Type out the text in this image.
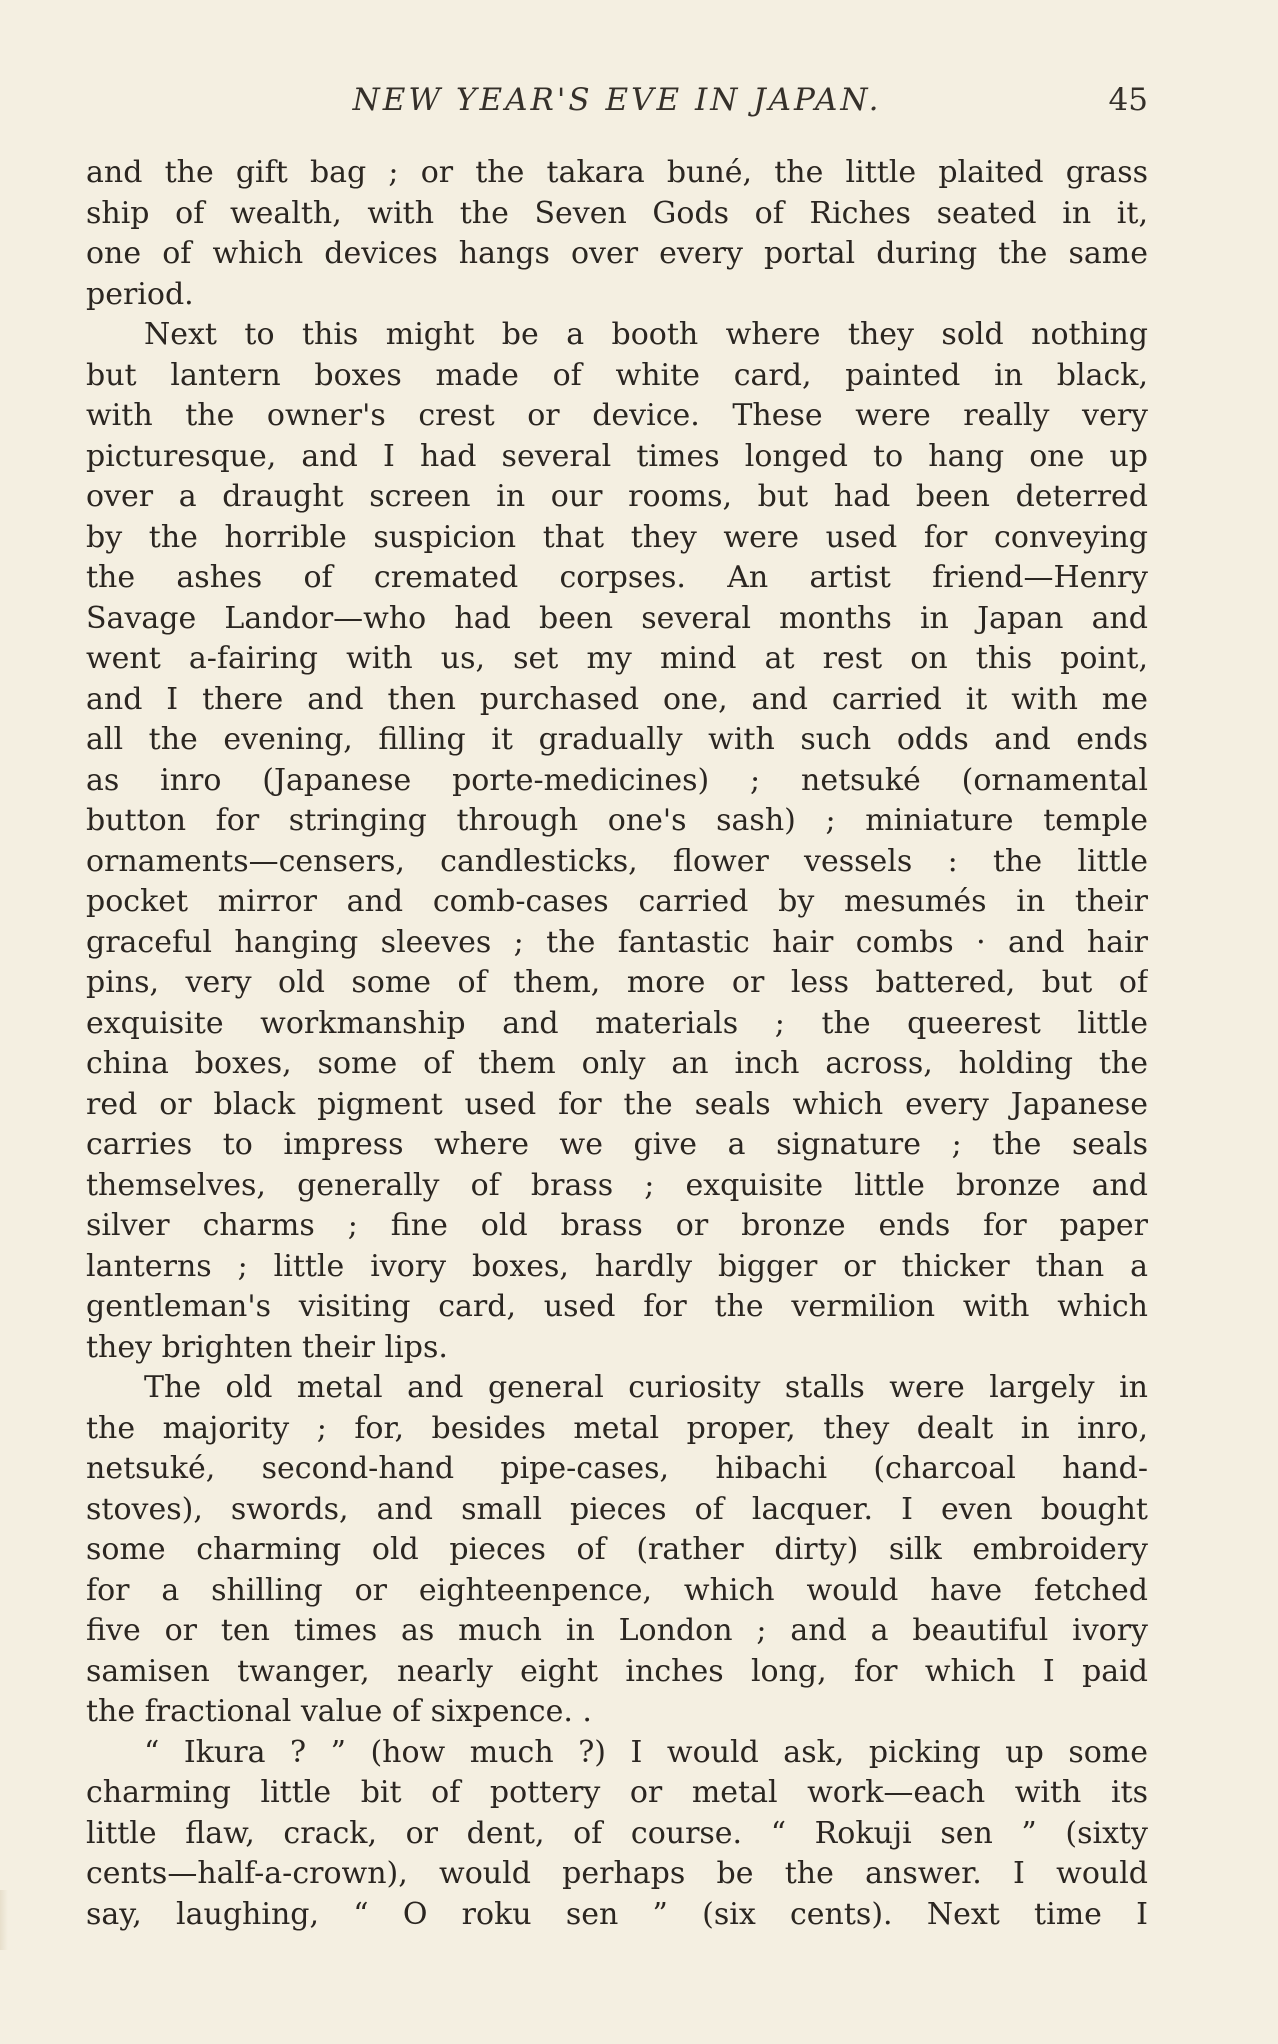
NEW YEAR'S EVE IN JAPAN.	45
and the gift bag ; or the takara buné, the little plaited grass
ship of wealth, with the Seven Gods of Riches seated in it,
one of which devices hangs over every portal during the same
period.
Next to this might be a booth where they sold nothing
but lantern boxes made of white card, painted in black,
with the owner's crest or device. These were really very
picturesque, and I had several times longed to hang one up
over a draught screen in our rooms, but had been deterred
by the horrible suspicion that they were used for conveying
the ashes of cremated corpses. An artist friend—Henry
Savage Landor—who had been several months in Japan and
went a-fairing with us, set my mind at rest on this point,
and I there and then purchased one, and carried it with me
all the evening, filling it gradually with such odds and ends
as inro (Japanese porte-medicines) ; netsuké (ornamental
button for stringing through one's sash) ; miniature temple
ornaments—censers, candlesticks, flower vessels : the little
pocket mirror and comb-cases carried by mesumés in their
graceful hanging sleeves ; the fantastic hair combs · and hair
pins, very old some of them, more or less battered, but of
exquisite workmanship and materials ; the queerest little
china boxes, some of them only an inch across, holding the
red or black pigment used for the seals which every Japanese
carries to impress where we give a signature ; the seals
themselves, generally of brass ; exquisite little bronze and
silver charms ; fine old brass or bronze ends for paper
lanterns ; little ivory boxes, hardly bigger or thicker than a
gentleman's visiting card, used for the vermilion with which
they brighten their lips.
The old metal and general curiosity stalls were largely in
the majority ; for, besides metal proper, they dealt in inro,
netsuké, second-hand pipe-cases, hibachi (charcoal hand-
stoves), swords, and small pieces of lacquer. I even bought
some charming old pieces of (rather dirty) silk embroidery
for a shilling or eighteenpence, which would have fetched
five or ten times as much in London ; and a beautiful ivory
samisen twanger, nearly eight inches long, for which I paid
the fractional value of sixpence. .
“ Ikura ? ” (how much ?) I would ask, picking up some
charming little bit of pottery or metal work—each with its
little flaw, crack, or dent, of course. “ Rokuji sen ” (sixty
cents—half-a-crown), would perhaps be the answer. I would
say, laughing, “ O roku sen ” (six cents). Next time I
